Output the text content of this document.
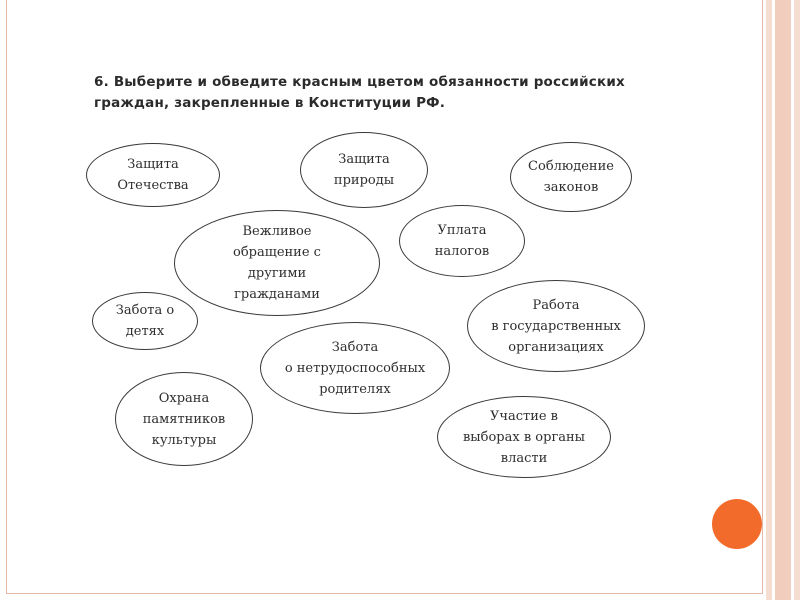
6. Выберите и обведите красным цветом обязанности российских граждан, закрепленные в Конституции РФ.
Защита
Отечества
Защита
природы
Соблюдение
законов
Вежливое
обращение с
другими
гражданами
Уплата
налогов
Забота о
детях
Работа
в государственных
организациях
Забота
о нетрудоспособных
родителях
Охрана
памятников
культуры
Участие в
выборах в органы
власти
